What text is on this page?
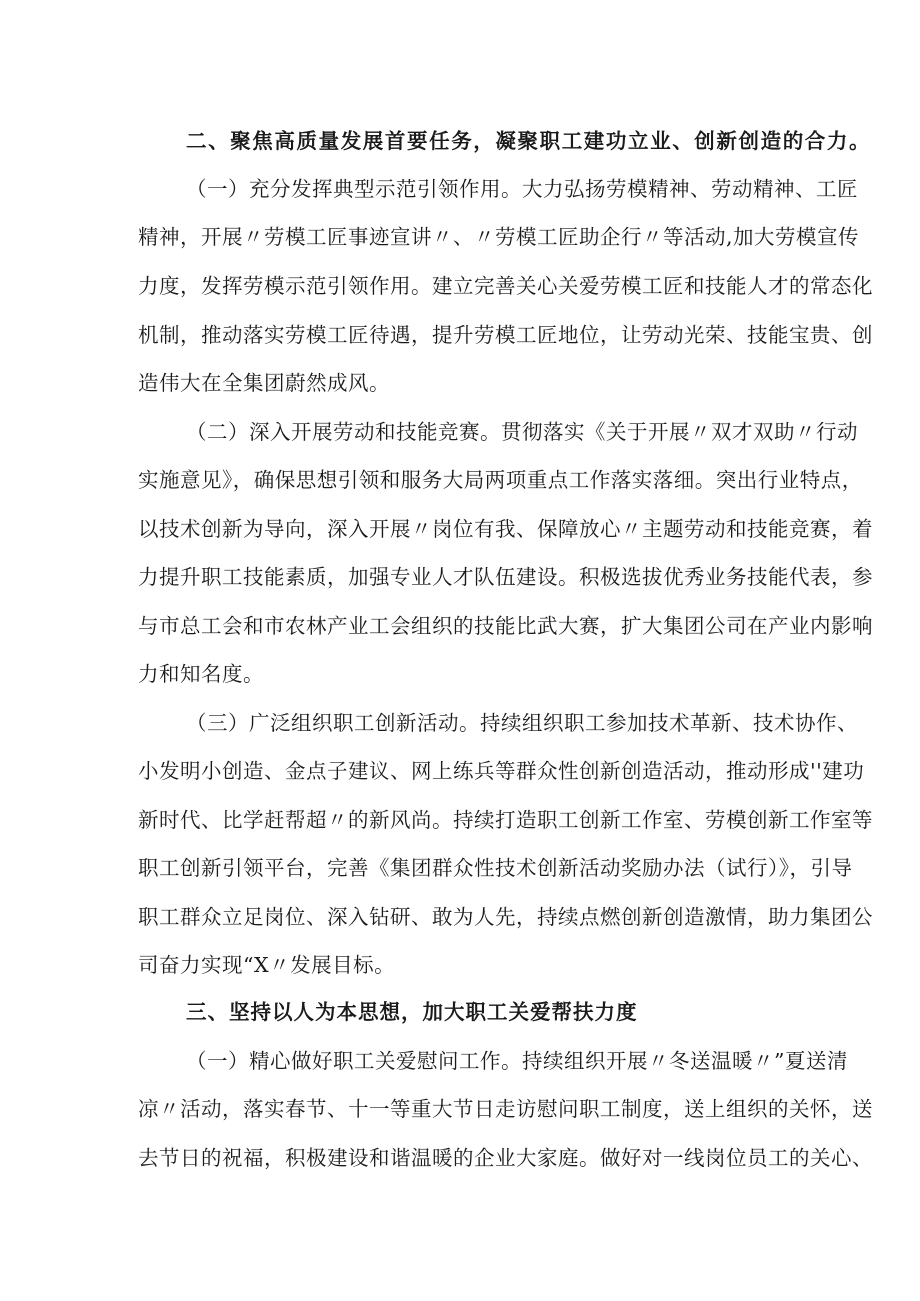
二、聚焦高质量发展首要任务，凝聚职工建功立业、创新创造的合力。
（一）充分发挥典型示范引领作用。大力弘扬劳模精神、劳动精神、工匠
精神，开展〃劳模工匠事迹宣讲〃、〃劳模工匠助企行〃等活动,加大劳模宣传
力度，发挥劳模示范引领作用。建立完善关心关爱劳模工匠和技能人才的常态化
机制，推动落实劳模工匠待遇，提升劳模工匠地位，让劳动光荣、技能宝贵、创
造伟大在全集团蔚然成风。
（二）深入开展劳动和技能竞赛。贯彻落实《关于开展〃双才双助〃行动
实施意见》，确保思想引领和服务大局两项重点工作落实落细。突出行业特点，
以技术创新为导向，深入开展〃岗位有我、保障放心〃主题劳动和技能竞赛，着
力提升职工技能素质，加强专业人才队伍建设。积极选拔优秀业务技能代表，参
与市总工会和市农林产业工会组织的技能比武大赛，扩大集团公司在产业内影响
力和知名度。
（三）广泛组织职工创新活动。持续组织职工参加技术革新、技术协作、
小发明小创造、金点子建议、网上练兵等群众性创新创造活动，推动形成''建功
新时代、比学赶帮超〃的新风尚。持续打造职工创新工作室、劳模创新工作室等
职工创新引领平台，完善《集团群众性技术创新活动奖励办法（试行）》，引导
职工群众立足岗位、深入钻研、敢为人先，持续点燃创新创造激情，助力集团公
司奋力实现“X〃发展目标。
三、坚持以人为本思想，加大职工关爱帮扶力度
（一）精心做好职工关爱慰问工作。持续组织开展〃冬送温暖〃”夏送清
凉〃活动，落实春节、十一等重大节日走访慰问职工制度，送上组织的关怀，送
去节日的祝福，积极建设和谐温暖的企业大家庭。做好对一线岗位员工的关心、
